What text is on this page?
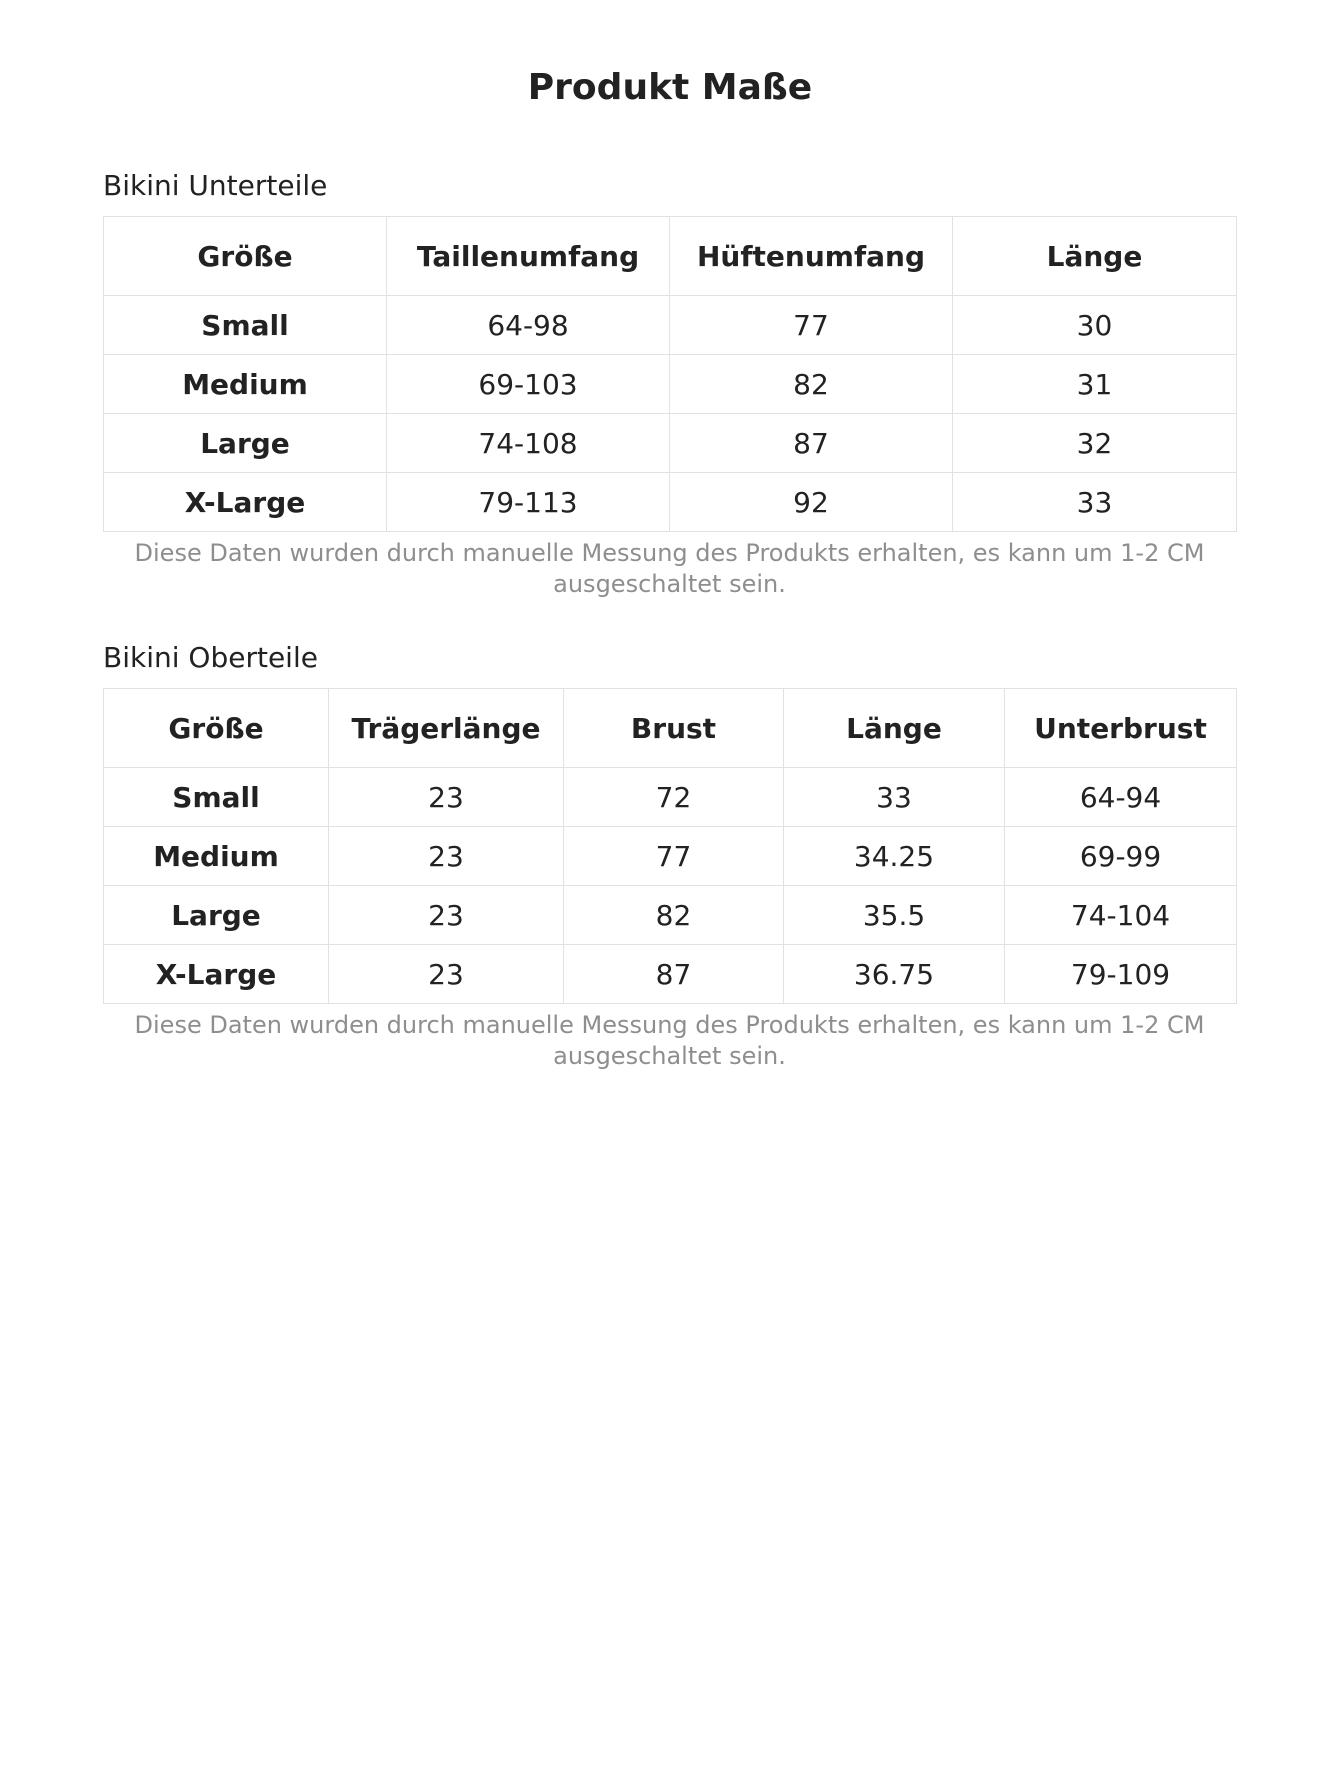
Produkt Maße
Bikini Unterteile
Größe	Taillenumfang	Hüftenumfang	Länge
Small	64-98	77	30
Medium	69-103	82	31
Large	74-108	87	32
X-Large	79-113	92	33
Diese Daten wurden durch manuelle Messung des Produkts erhalten, es kann um 1-2 CM ausgeschaltet sein.
Bikini Oberteile
Größe	Trägerlänge	Brust	Länge	Unterbrust
Small	23	72	33	64-94
Medium	23	77	34.25	69-99
Large	23	82	35.5	74-104
X-Large	23	87	36.75	79-109
Diese Daten wurden durch manuelle Messung des Produkts erhalten, es kann um 1-2 CM ausgeschaltet sein.
